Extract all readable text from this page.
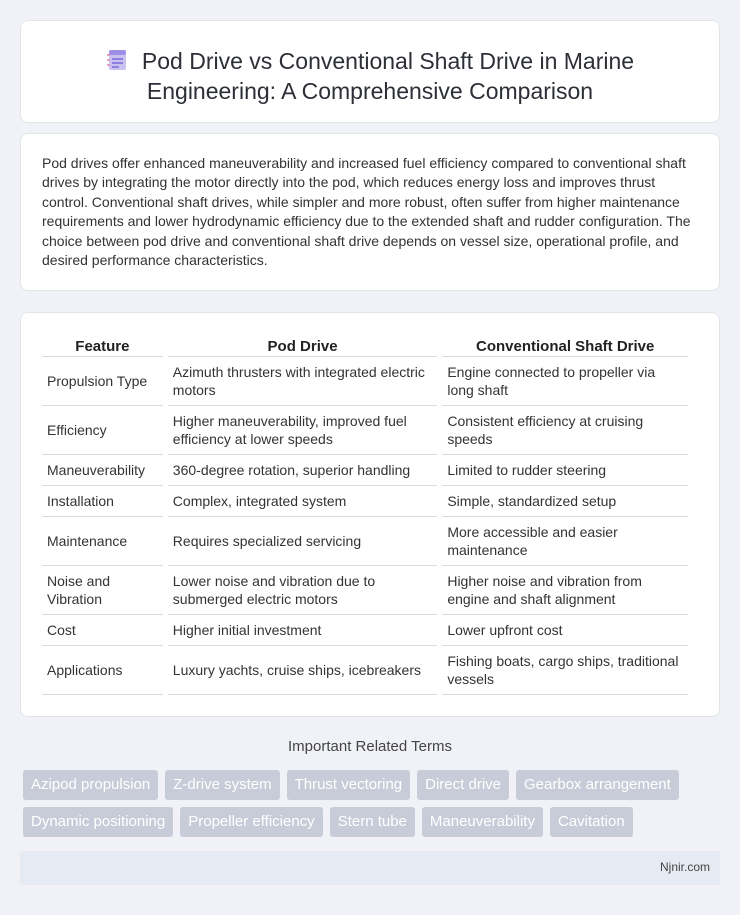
Pod Drive vs Conventional Shaft Drive in Marine
Engineering: A Comprehensive Comparison

Pod drives offer enhanced maneuverability and increased fuel efficiency compared to conventional shaft drives by integrating the motor directly into the pod, which reduces energy loss and improves thrust control. Conventional shaft drives, while simpler and more robust, often suffer from higher maintenance requirements and lower hydrodynamic efficiency due to the extended shaft and rudder configuration. The choice between pod drive and conventional shaft drive depends on vessel size, operational profile, and desired performance characteristics.

Feature	Pod Drive	Conventional Shaft Drive
Propulsion Type	Azimuth thrusters with integrated electric motors	Engine connected to propeller via long shaft
Efficiency	Higher maneuverability, improved fuel efficiency at lower speeds	Consistent efficiency at cruising speeds
Maneuverability	360-degree rotation, superior handling	Limited to rudder steering
Installation	Complex, integrated system	Simple, standardized setup
Maintenance	Requires specialized servicing	More accessible and easier maintenance
Noise and Vibration	Lower noise and vibration due to submerged electric motors	Higher noise and vibration from engine and shaft alignment
Cost	Higher initial investment	Lower upfront cost
Applications	Luxury yachts, cruise ships, icebreakers	Fishing boats, cargo ships, traditional vessels
Important Related Terms
Azipod propulsion	Z-drive system	Thrust vectoring	Direct drive	Gearbox arrangement
Dynamic positioning	Propeller efficiency	Stern tube	Maneuverability	Cavitation
Njnir.com
